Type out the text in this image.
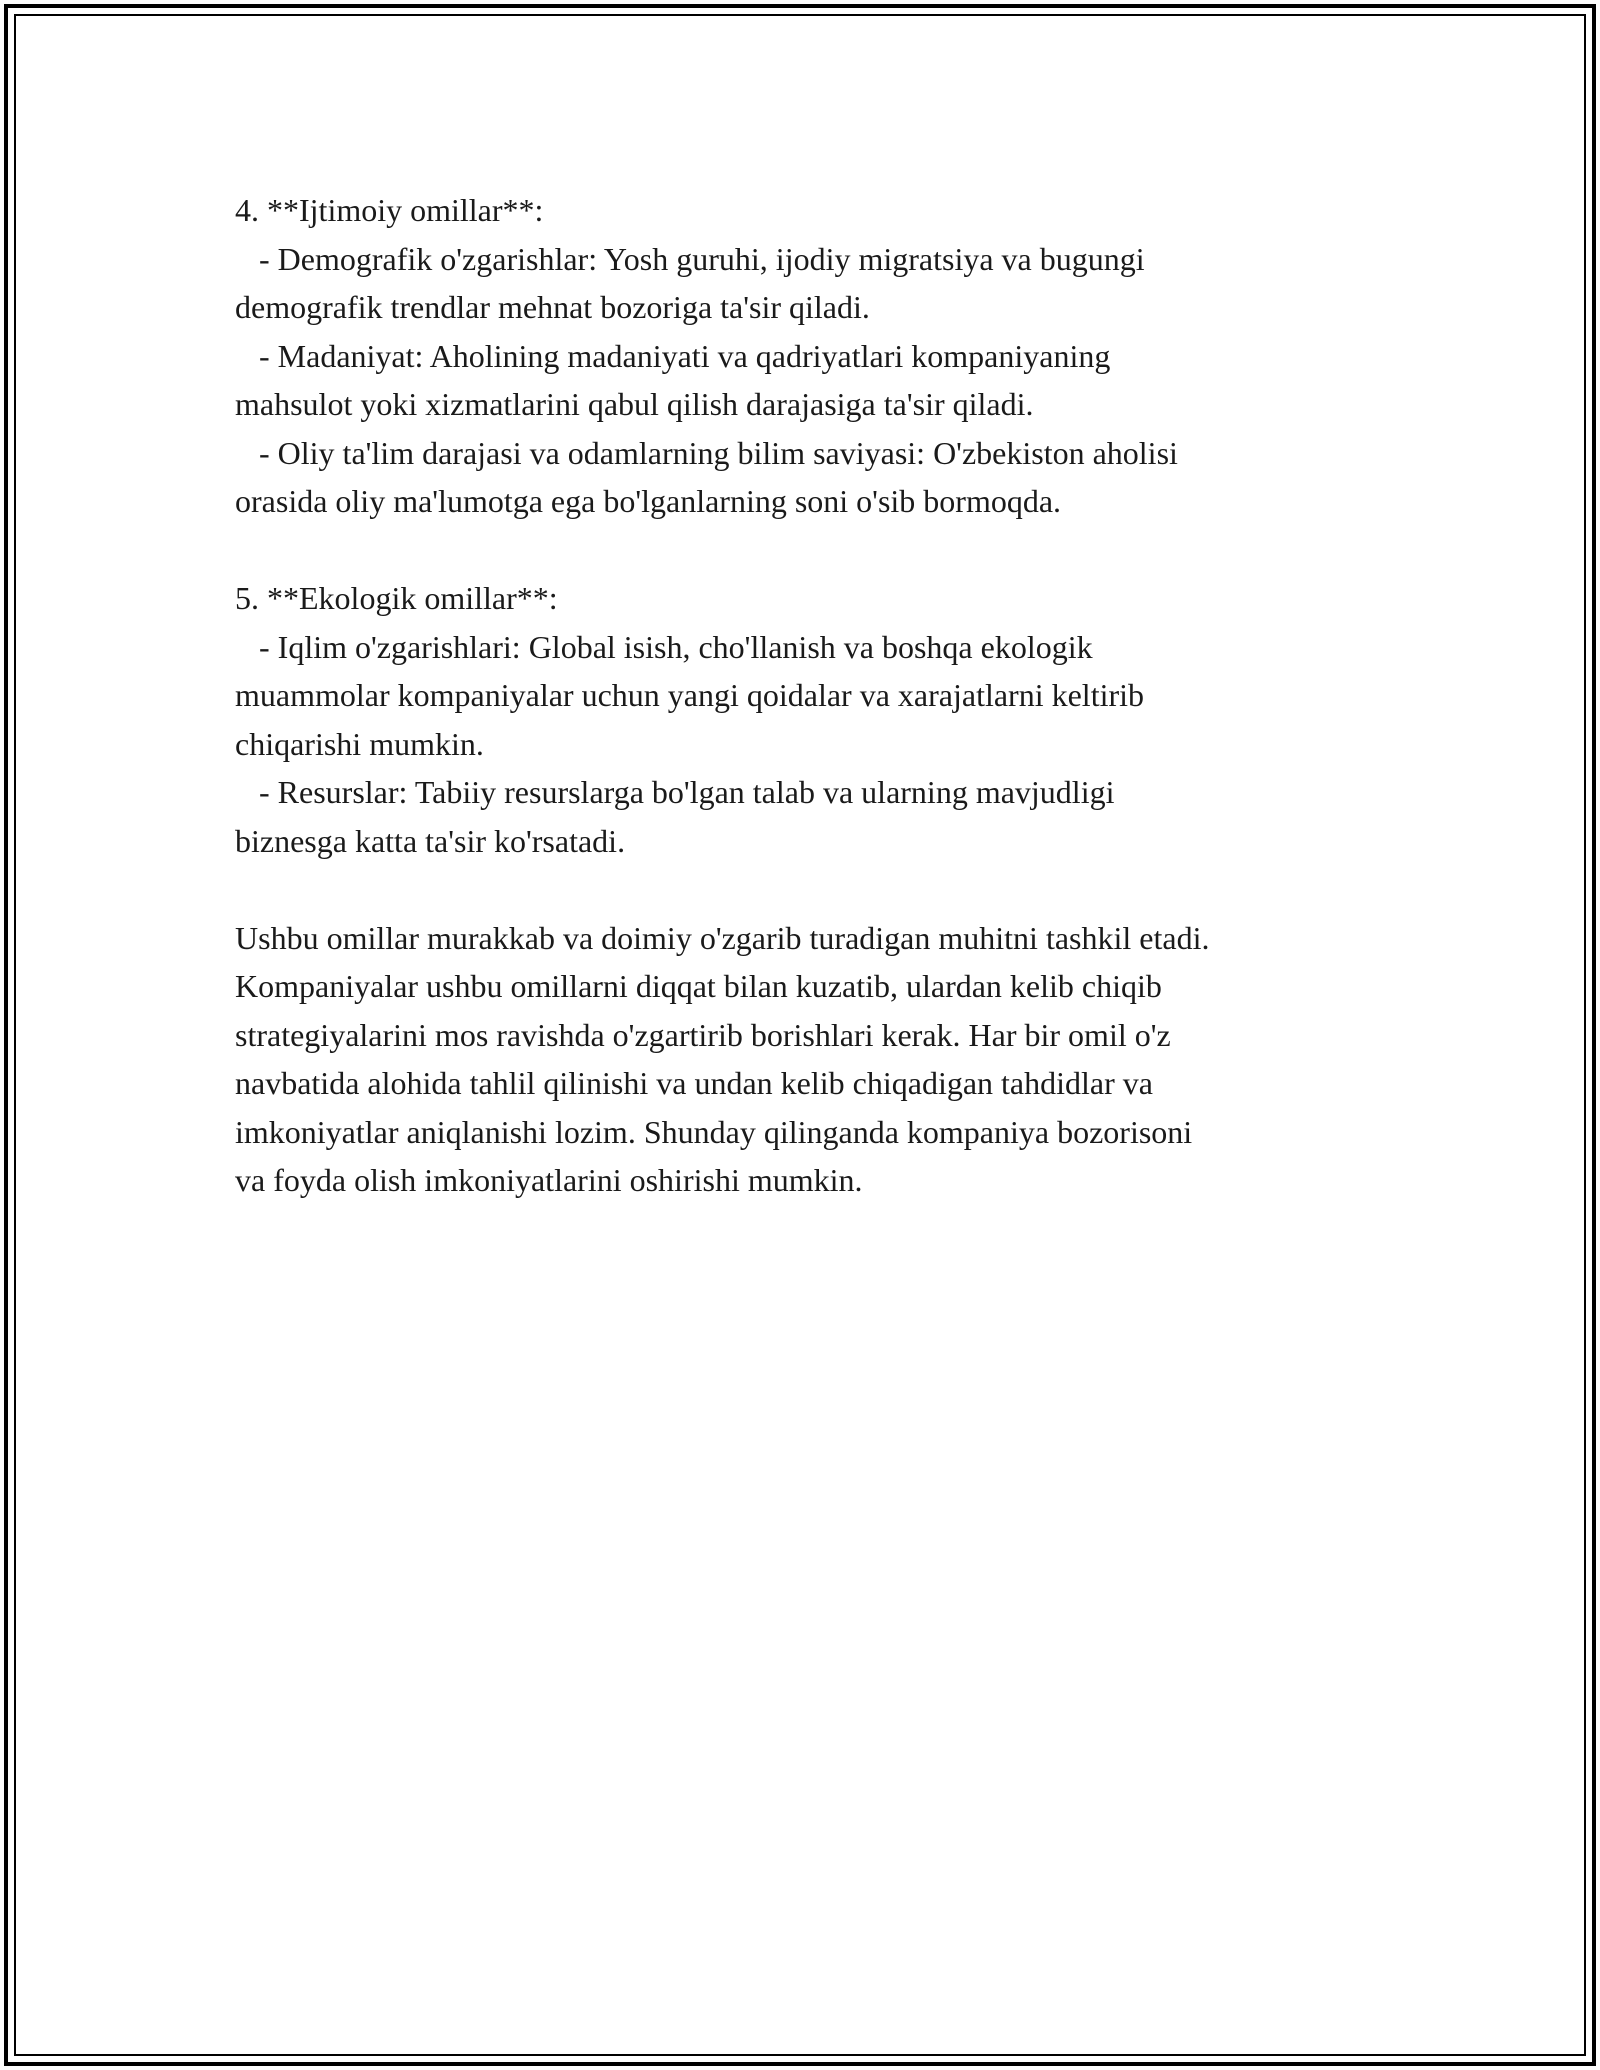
4. **Ijtimoiy omillar**:

- Demografik o'zgarishlar: Yosh guruhi, ijodiy migratsiya va bugungi

demografik trendlar mehnat bozoriga ta'sir qiladi.

- Madaniyat: Aholining madaniyati va qadriyatlari kompaniyaning

mahsulot yoki xizmatlarini qabul qilish darajasiga ta'sir qiladi.

- Oliy ta'lim darajasi va odamlarning bilim saviyasi: O'zbekiston aholisi

orasida oliy ma'lumotga ega bo'lganlarning soni o'sib bormoqda.

5. **Ekologik omillar**:

- Iqlim o'zgarishlari: Global isish, cho'llanish va boshqa ekologik

muammolar kompaniyalar uchun yangi qoidalar va xarajatlarni keltirib

chiqarishi mumkin.

- Resurslar: Tabiiy resurslarga bo'lgan talab va ularning mavjudligi

biznesga katta ta'sir ko'rsatadi.

Ushbu omillar murakkab va doimiy o'zgarib turadigan muhitni tashkil etadi.

Kompaniyalar ushbu omillarni diqqat bilan kuzatib, ulardan kelib chiqib

strategiyalarini mos ravishda o'zgartirib borishlari kerak. Har bir omil o'z

navbatida alohida tahlil qilinishi va undan kelib chiqadigan tahdidlar va

imkoniyatlar aniqlanishi lozim. Shunday qilinganda kompaniya bozorisoni

va foyda olish imkoniyatlarini oshirishi mumkin.
